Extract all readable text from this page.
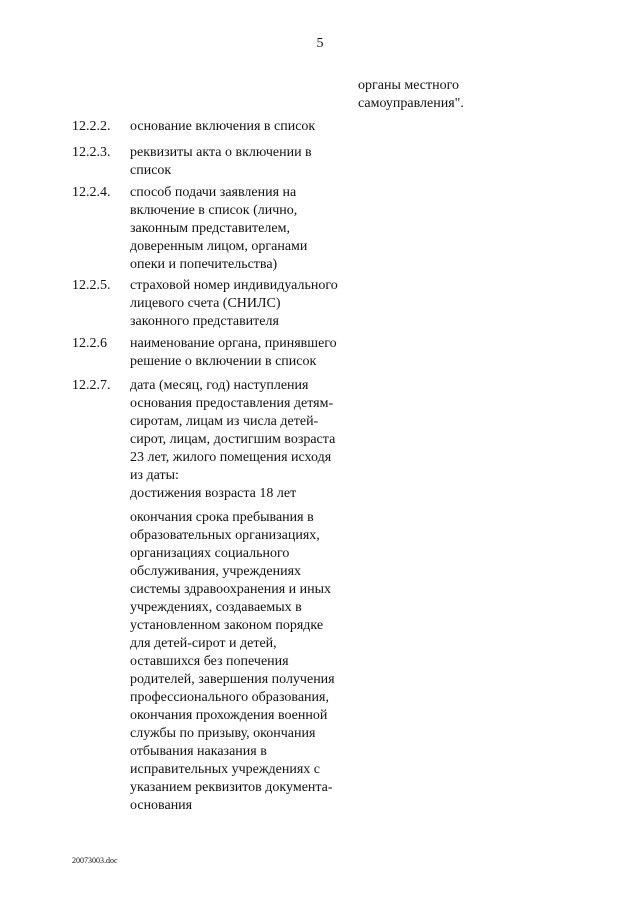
5
органы местного
самоуправления".
12.2.2. основание включения в список
12.2.3. реквизиты акта о включении в
список
12.2.4. способ подачи заявления на
включение в список (лично,
законным представителем,
доверенным лицом, органами
опеки и попечительства)
12.2.5. страховой номер индивидуального
лицевого счета (СНИЛС)
законного представителя
12.2.6 наименование органа, принявшего
решение о включении в список
12.2.7. дата (месяц, год) наступления
основания предоставления детям-
сиротам, лицам из числа детей-
сирот, лицам, достигшим возраста
23 лет, жилого помещения исходя
из даты:
достижения возраста 18 лет
окончания срока пребывания в
образовательных организациях,
организациях социального
обслуживания, учреждениях
системы здравоохранения и иных
учреждениях, создаваемых в
установленном законом порядке
для детей-сирот и детей,
оставшихся без попечения
родителей, завершения получения
профессионального образования,
окончания прохождения военной
службы по призыву, окончания
отбывания наказания в
исправительных учреждениях с
указанием реквизитов документа-
основания
20073003.doc
